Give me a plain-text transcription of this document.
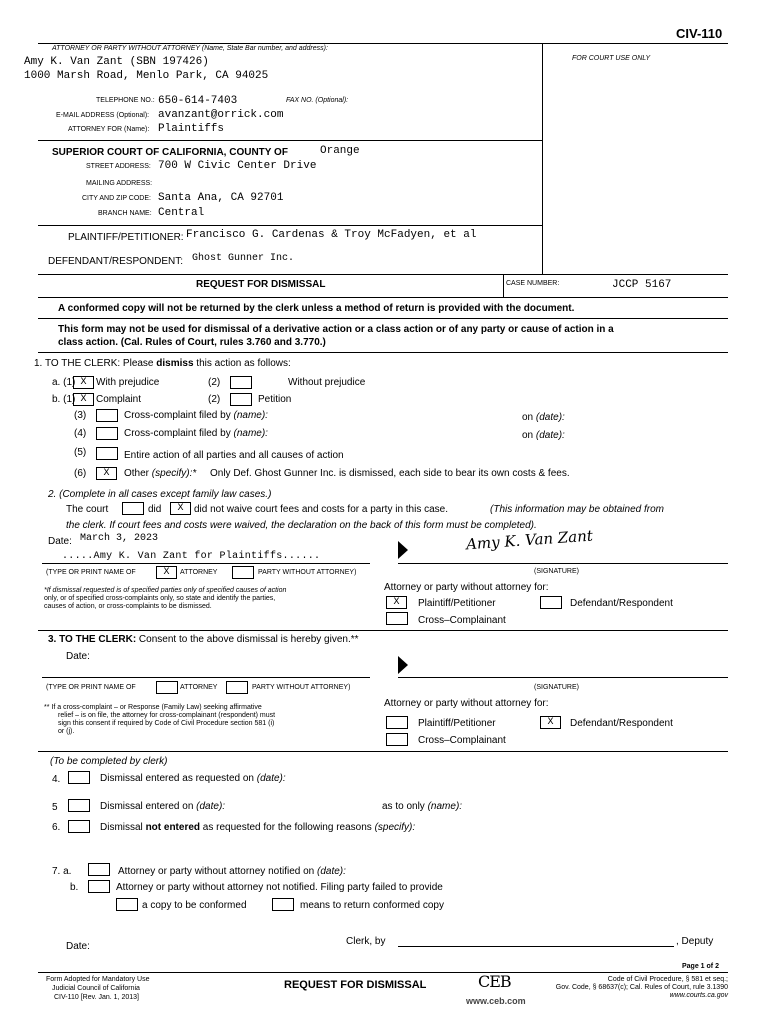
CIV-110
ATTORNEY OR PARTY WITHOUT ATTORNEY (Name, State Bar number, and address):
FOR COURT USE ONLY
Amy K. Van Zant (SBN 197426)
1000 Marsh Road, Menlo Park, CA 94025
TELEPHONE NO.: 650-614-7403	FAX NO. (Optional):
E-MAIL ADDRESS (Optional): avanzant@orrick.com
ATTORNEY FOR (Name): Plaintiffs
SUPERIOR COURT OF CALIFORNIA, COUNTY OF	Orange
STREET ADDRESS: 700 W Civic Center Drive
MAILING ADDRESS:
CITY AND ZIP CODE: Santa Ana, CA 92701
BRANCH NAME: Central
PLAINTIFF/PETITIONER: Francisco G. Cardenas & Troy McFadyen, et al
DEFENDANT/RESPONDENT: Ghost Gunner Inc.
REQUEST FOR DISMISSAL	CASE NUMBER:	JCCP 5167
A conformed copy will not be returned by the clerk unless a method of return is provided with the document.
This form may not be used for dismissal of a derivative action or a class action or of any party or cause of action in a
class action. (Cal. Rules of Court, rules 3.760 and 3.770.)
1. TO THE CLERK: Please dismiss this action as follows:
a. (1) X With prejudice	(2)	Without prejudice
b. (1) X Complaint	(2)	Petition
(3)	Cross-complaint filed by (name):	on (date):
(4)	Cross-complaint filed by (name):	on (date):
(5)	Entire action of all parties and all causes of action
(6)	X	Other (specify):* Only Def. Ghost Gunner Inc. is dismissed, each side to bear its own costs & fees.
2. (Complete in all cases except family law cases.)
The court	did	X	did not waive court fees and costs for a party in this case.	(This information may be obtained from
the clerk. If court fees and costs were waived, the declaration on the back of this form must be completed).
Date: March 3, 2023	Amy K. Van Zant
.....Amy K. Van Zant for Plaintiffs......
(TYPE OR PRINT NAME OF	X	ATTORNEY	PARTY WITHOUT ATTORNEY)	(SIGNATURE)
*If dismissal requested is of specified parties only of specified causes of action
only, or of specified cross-complaints only, so state and identify the parties,
causes of action, or cross-complaints to be dismissed.
Attorney or party without attorney for:
X	Plaintiff/Petitioner	Defendant/Respondent
Cross–Complainant
3. TO THE CLERK: Consent to the above dismissal is hereby given.**
Date:
(TYPE OR PRINT NAME OF	ATTORNEY	PARTY WITHOUT ATTORNEY)	(SIGNATURE)
** If a cross-complaint – or Response (Family Law) seeking affirmative
relief – is on file, the attorney for cross-complainant (respondent) must
sign this consent if required by Code of Civil Procedure section 581 (i)
or (j).
Attorney or party without attorney for:
Plaintiff/Petitioner	X	Defendant/Respondent
Cross–Complainant
(To be completed by clerk)
4.	Dismissal entered as requested on (date):
5	Dismissal entered on (date):	as to only (name):
6.	Dismissal not entered as requested for the following reasons (specify):
7. a.	Attorney or party without attorney notified on (date):
b.	Attorney or party without attorney not notified. Filing party failed to provide
a copy to be conformed	means to return conformed copy
Date:	Clerk, by	, Deputy
Page 1 of 2
Form Adopted for Mandatory Use
Judicial Council of California
CIV-110 [Rev. Jan. 1, 2013]
REQUEST FOR DISMISSAL	CEB
www.ceb.com
Code of Civil Procedure, § 581 et seq.;
Gov. Code, § 68637(c); Cal. Rules of Court, rule 3.1390
www.courts.ca.gov
